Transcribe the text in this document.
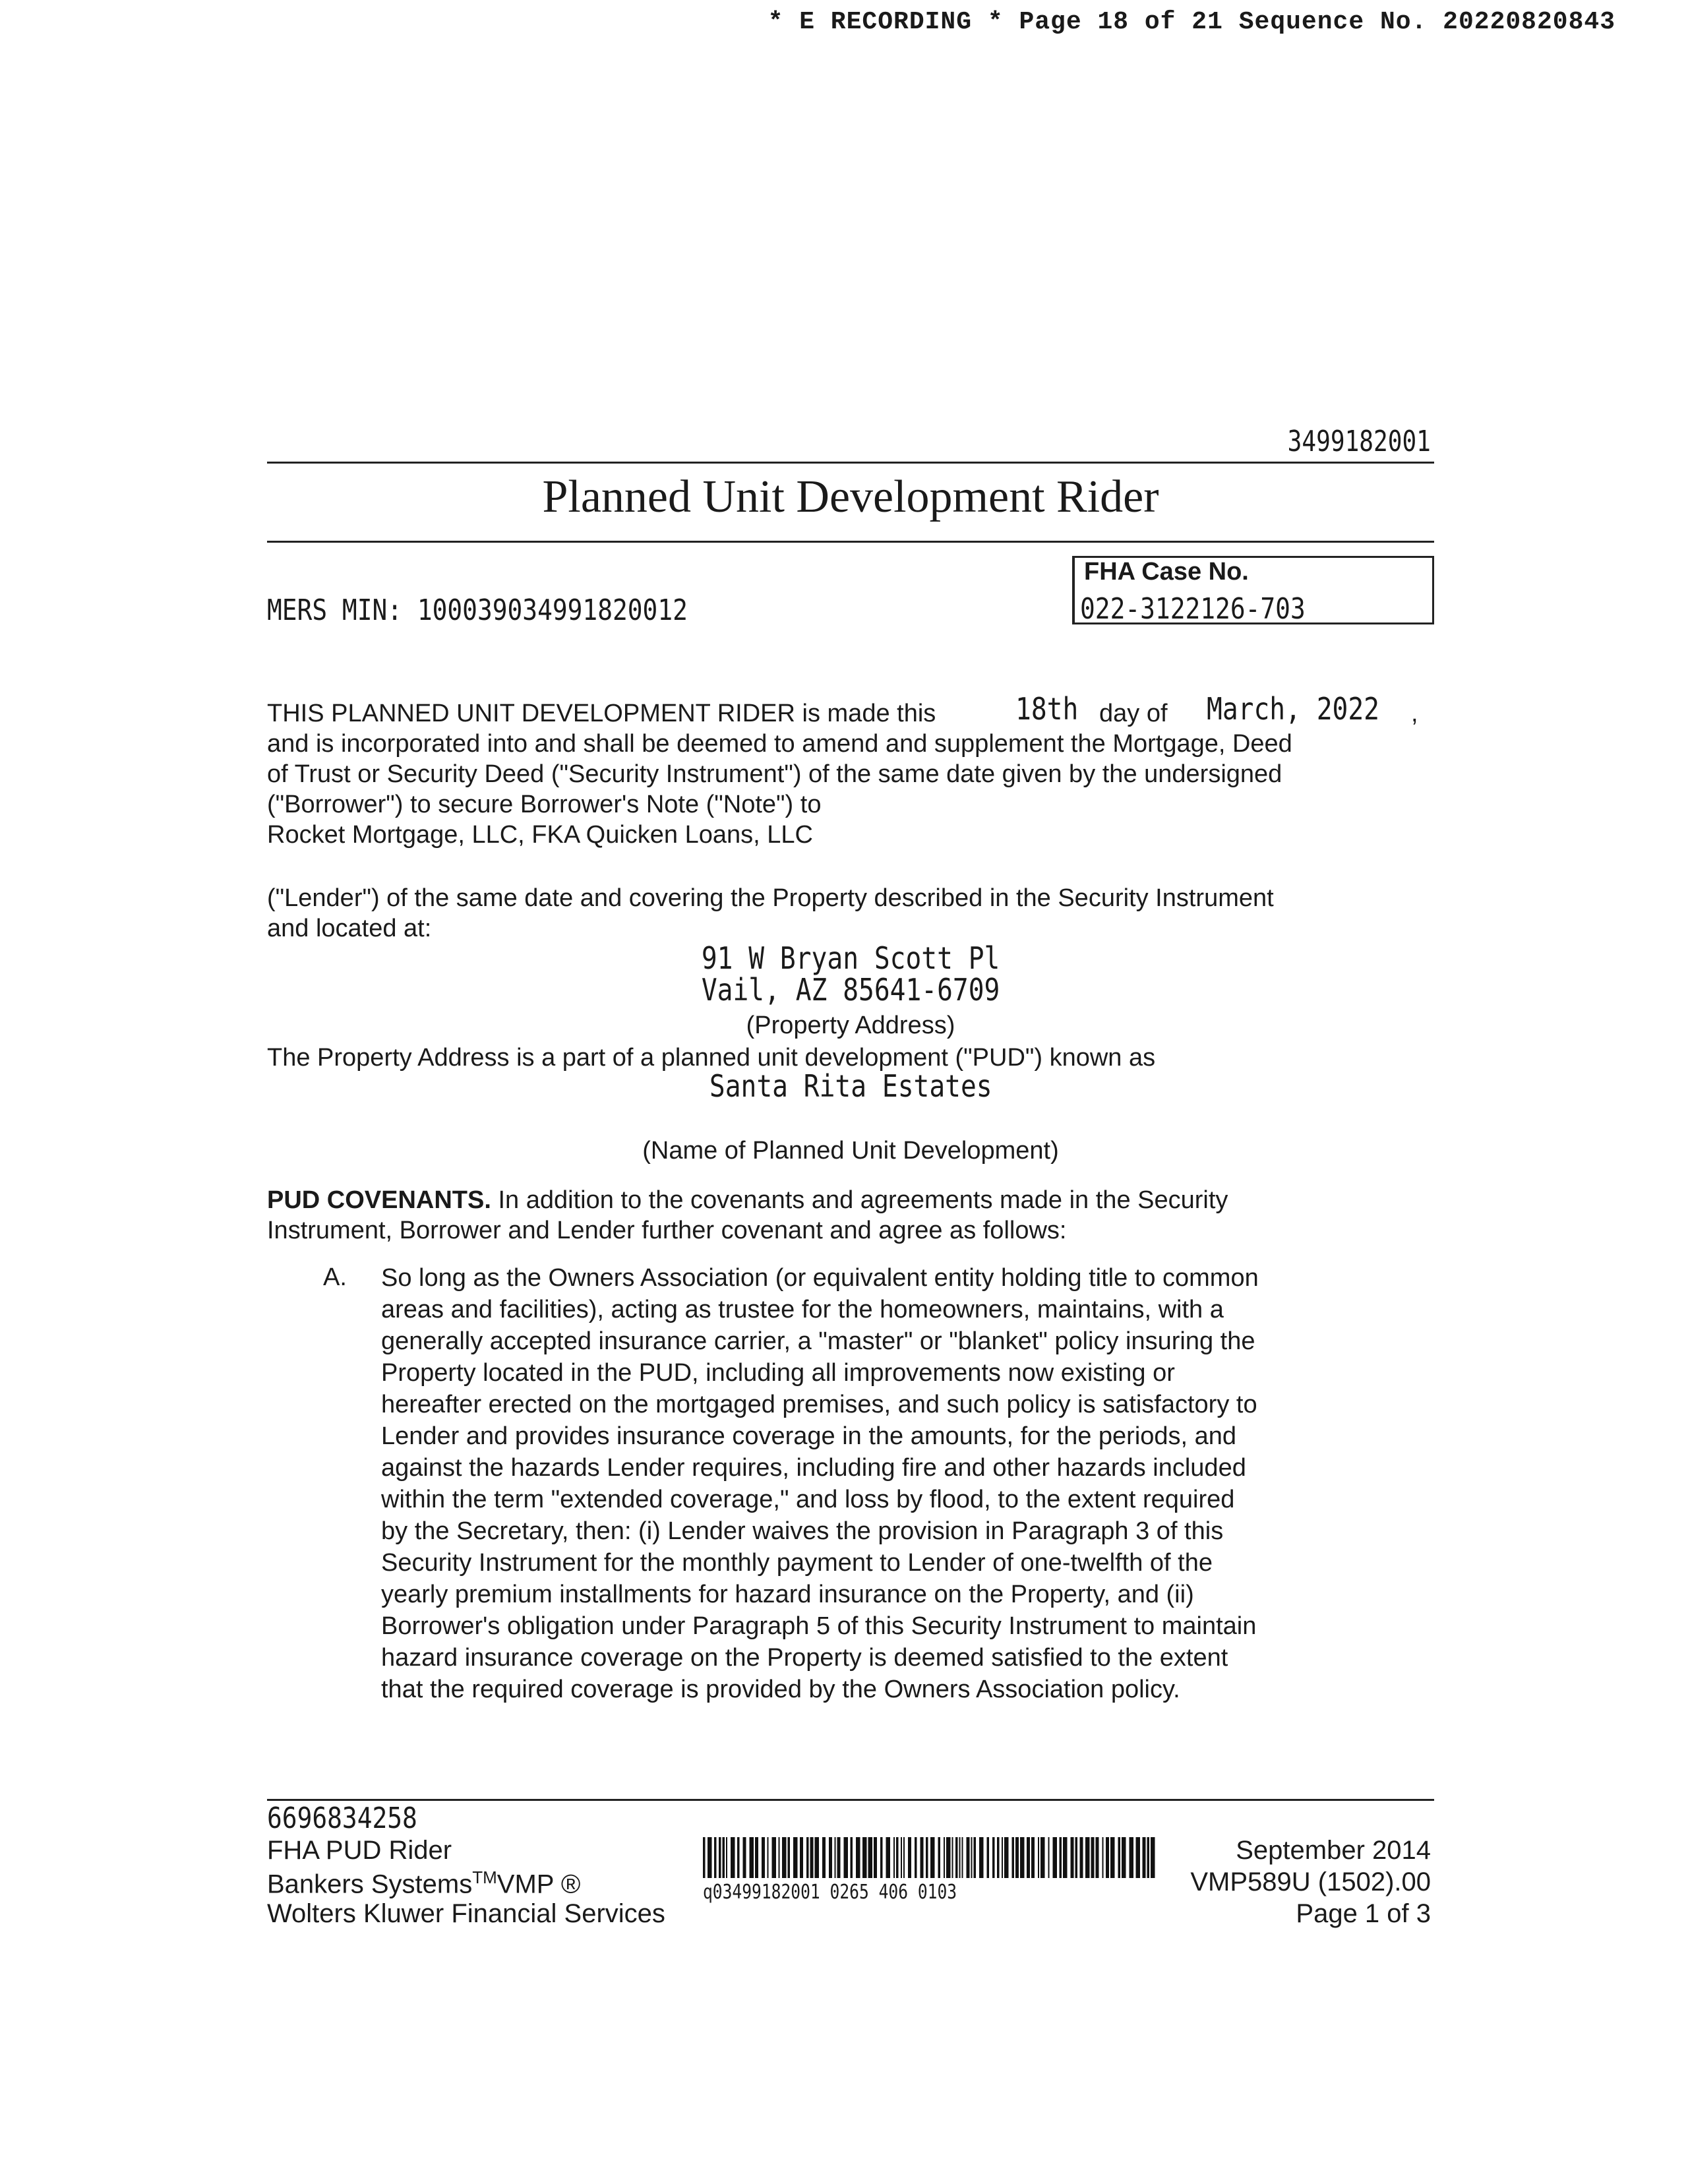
* E RECORDING * Page 18 of 21 Sequence No. 20220820843
3499182001
Planned Unit Development Rider
MERS MIN: 100039034991820012
FHA Case No.
022-3122126-703
THIS PLANNED UNIT DEVELOPMENT RIDER is made this	18th day of March, 2022 ,
and is incorporated into and shall be deemed to amend and supplement the Mortgage, Deed
of Trust or Security Deed ("Security Instrument") of the same date given by the undersigned
("Borrower") to secure Borrower's Note ("Note") to
Rocket Mortgage, LLC, FKA Quicken Loans, LLC
("Lender") of the same date and covering the Property described in the Security Instrument
and located at:
91 W Bryan Scott Pl
Vail, AZ 85641-6709
(Property Address)
The Property Address is a part of a planned unit development ("PUD") known as
Santa Rita Estates
(Name of Planned Unit Development)
PUD COVENANTS. In addition to the covenants and agreements made in the Security
Instrument, Borrower and Lender further covenant and agree as follows:
A. So long as the Owners Association (or equivalent entity holding title to common
areas and facilities), acting as trustee for the homeowners, maintains, with a
generally accepted insurance carrier, a "master" or "blanket" policy insuring the
Property located in the PUD, including all improvements now existing or
hereafter erected on the mortgaged premises, and such policy is satisfactory to
Lender and provides insurance coverage in the amounts, for the periods, and
against the hazards Lender requires, including fire and other hazards included
within the term "extended coverage," and loss by flood, to the extent required
by the Secretary, then: (i) Lender waives the provision in Paragraph 3 of this
Security Instrument for the monthly payment to Lender of one-twelfth of the
yearly premium installments for hazard insurance on the Property, and (ii)
Borrower's obligation under Paragraph 5 of this Security Instrument to maintain
hazard insurance coverage on the Property is deemed satisfied to the extent
that the required coverage is provided by the Owners Association policy.
6696834258
FHA PUD Rider
Bankers Systems™VMP ®
Wolters Kluwer Financial Services
q03499182001 0265 406 0103
September 2014
VMP589U (1502).00
Page 1 of 3
